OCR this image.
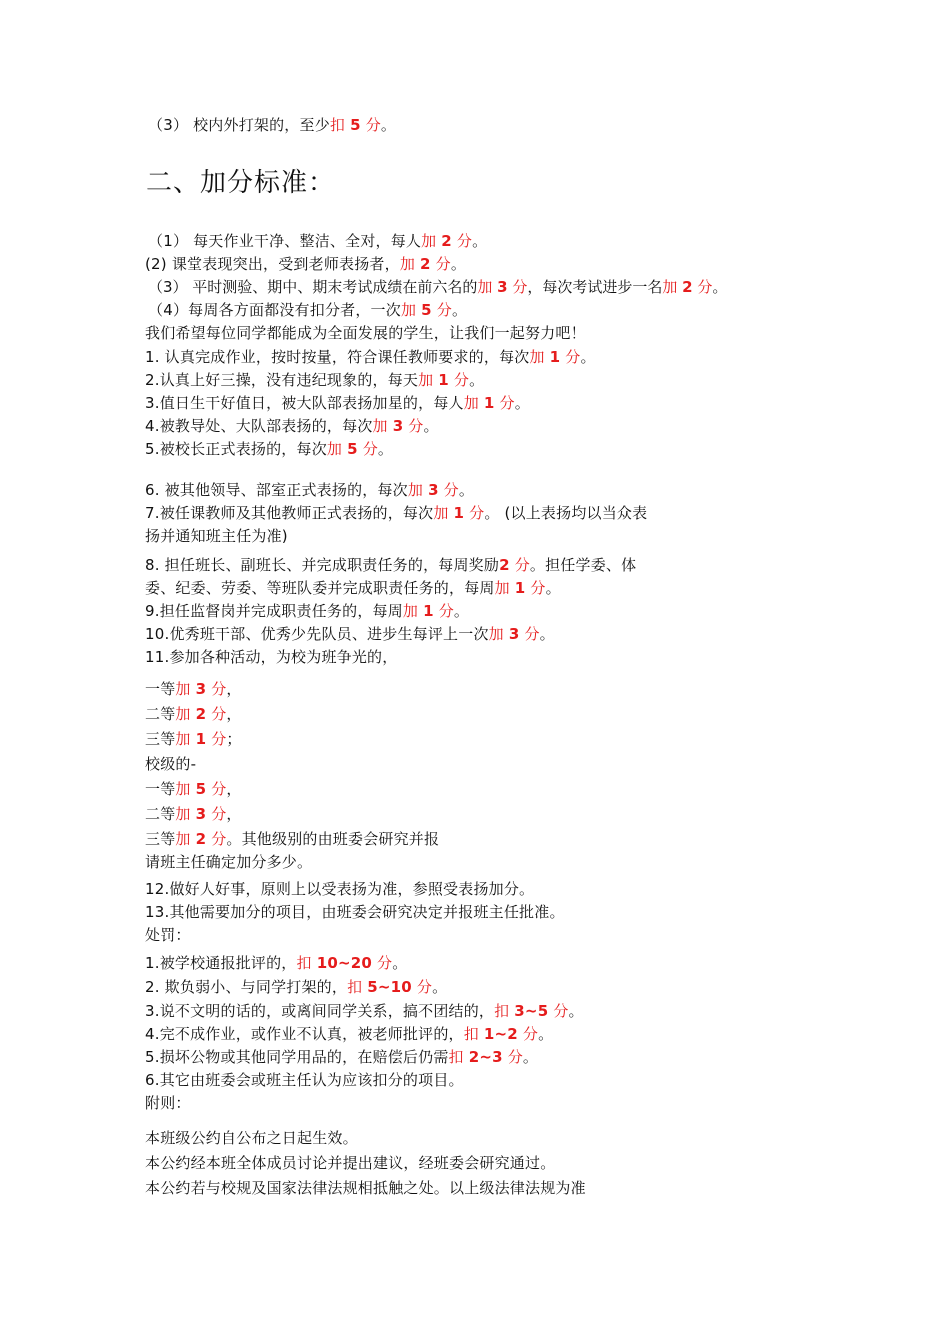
（3） 校内外打架的，至少扣 5 分。
二、加分标准：
（1） 每天作业干净、整洁、全对，每人加 2 分。
(2) 课堂表现突出，受到老师表扬者，加 2 分。
（3） 平时测验、期中、期末考试成绩在前六名的加 3 分，每次考试进步一名加 2 分。
（4）每周各方面都没有扣分者，一次加 5 分。
我们希望每位同学都能成为全面发展的学生，让我们一起努力吧！
1. 认真完成作业，按时按量，符合课任教师要求的，每次加 1 分。
2.认真上好三操，没有违纪现象的，每天加 1 分。
3.值日生干好值日，被大队部表扬加星的，每人加 1 分。
4.被教导处、大队部表扬的，每次加 3 分。
5.被校长正式表扬的，每次加 5 分。
6. 被其他领导、部室正式表扬的，每次加 3 分。
7.被任课教师及其他教师正式表扬的，每次加 1 分。 (以上表扬均以当众表
扬并通知班主任为准)
8. 担任班长、副班长、并完成职责任务的，每周奖励2 分。担任学委、体
委、纪委、劳委、等班队委并完成职责任务的，每周加 1 分。
9.担任监督岗并完成职责任务的，每周加 1 分。
10.优秀班干部、优秀少先队员、进步生每评上一次加 3 分。
11.参加各种活动，为校为班争光的，
一等加 3 分，
二等加 2 分，
三等加 1 分；
校级的-
一等加 5 分，
二等加 3 分，
三等加 2 分。其他级别的由班委会研究并报
请班主任确定加分多少。
12.做好人好事，原则上以受表扬为准，参照受表扬加分。
13.其他需要加分的项目，由班委会研究决定并报班主任批准。
处罚：
1.被学校通报批评的，扣 10~20 分。
2. 欺负弱小、与同学打架的，扣 5~10 分。
3.说不文明的话的，或离间同学关系，搞不团结的，扣 3~5 分。
4.完不成作业，或作业不认真，被老师批评的，扣 1~2 分。
5.损坏公物或其他同学用品的，在赔偿后仍需扣 2~3 分。
6.其它由班委会或班主任认为应该扣分的项目。
附则：
本班级公约自公布之日起生效。
本公约经本班全体成员讨论并提出建议，经班委会研究通过。
本公约若与校规及国家法律法规相抵触之处。以上级法律法规为准
